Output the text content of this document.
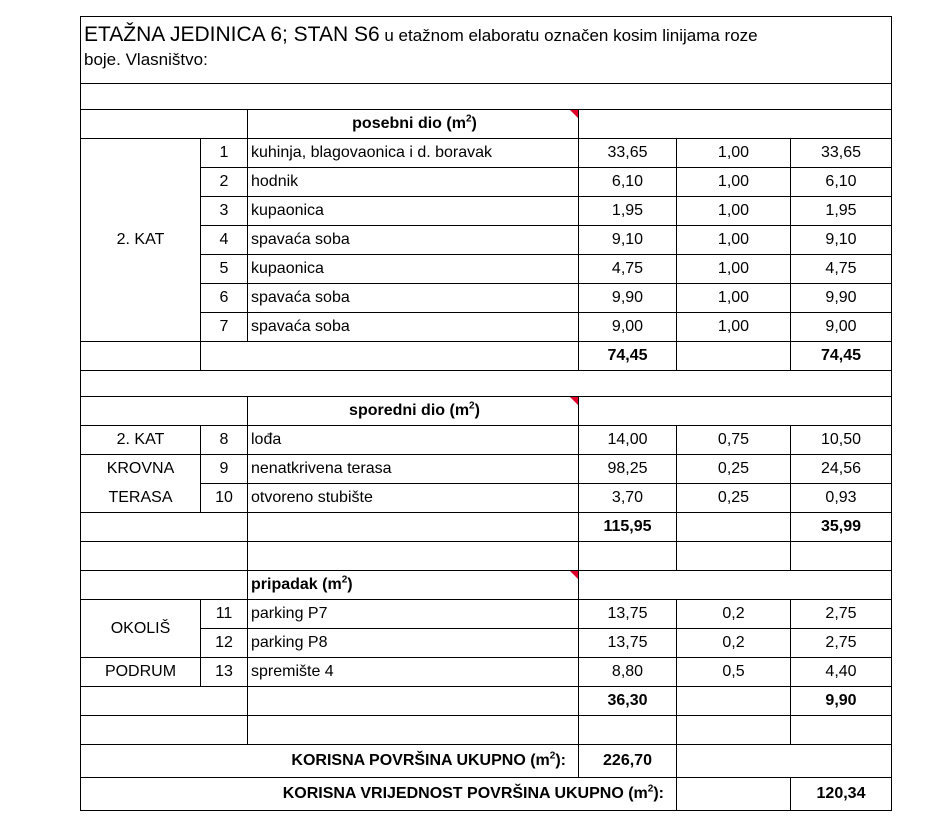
ETAŽNA JEDINICA 6; STAN S6 u etažnom elaboratu označen kosim linijama roze
boje. Vlasništvo:					

		posebni dio $(m^2)$		

2. KAT	1	kuhinja, blagovaonica i d. boravak	33,65	1,00	33,65
	2	hodnik	6,10	1,00	6,10
	3	kupaonica	1,95	1,00	1,95
	4	spavaća soba	9,10	1,00	9,10
	5	kupaonica	4,75	1,00	4,75
	6	spavaća soba	9,90	1,00	9,90
	7	spavaća soba	9,00	1,00	9,00
			74,45		74,45

		sporedni dio $(m^2)$		

2. KAT	8	lođa	14,00	0,75	10,50
KROVNA	9	nenatkrivena terasa	98,25	0,25	24,56
TERASA	10	otvoreno stubište	3,70	0,25	0,93
			115,95		35,99

		pripadak $(m^2)$		

OKOLIŠ	11	parking P7	13,75	0,2	2,75
	12	parking P8	13,75	0,2	2,75
PODRUM	13	spremište 4	8,80	0,5	4,40
			36,30		9,90

KORISNA POVRŠINA UKUPNO $(m^2)$:			226,70		
KORISNA VRIJEDNOST POVRŠINA UKUPNO $(m^2)$:					120,34
